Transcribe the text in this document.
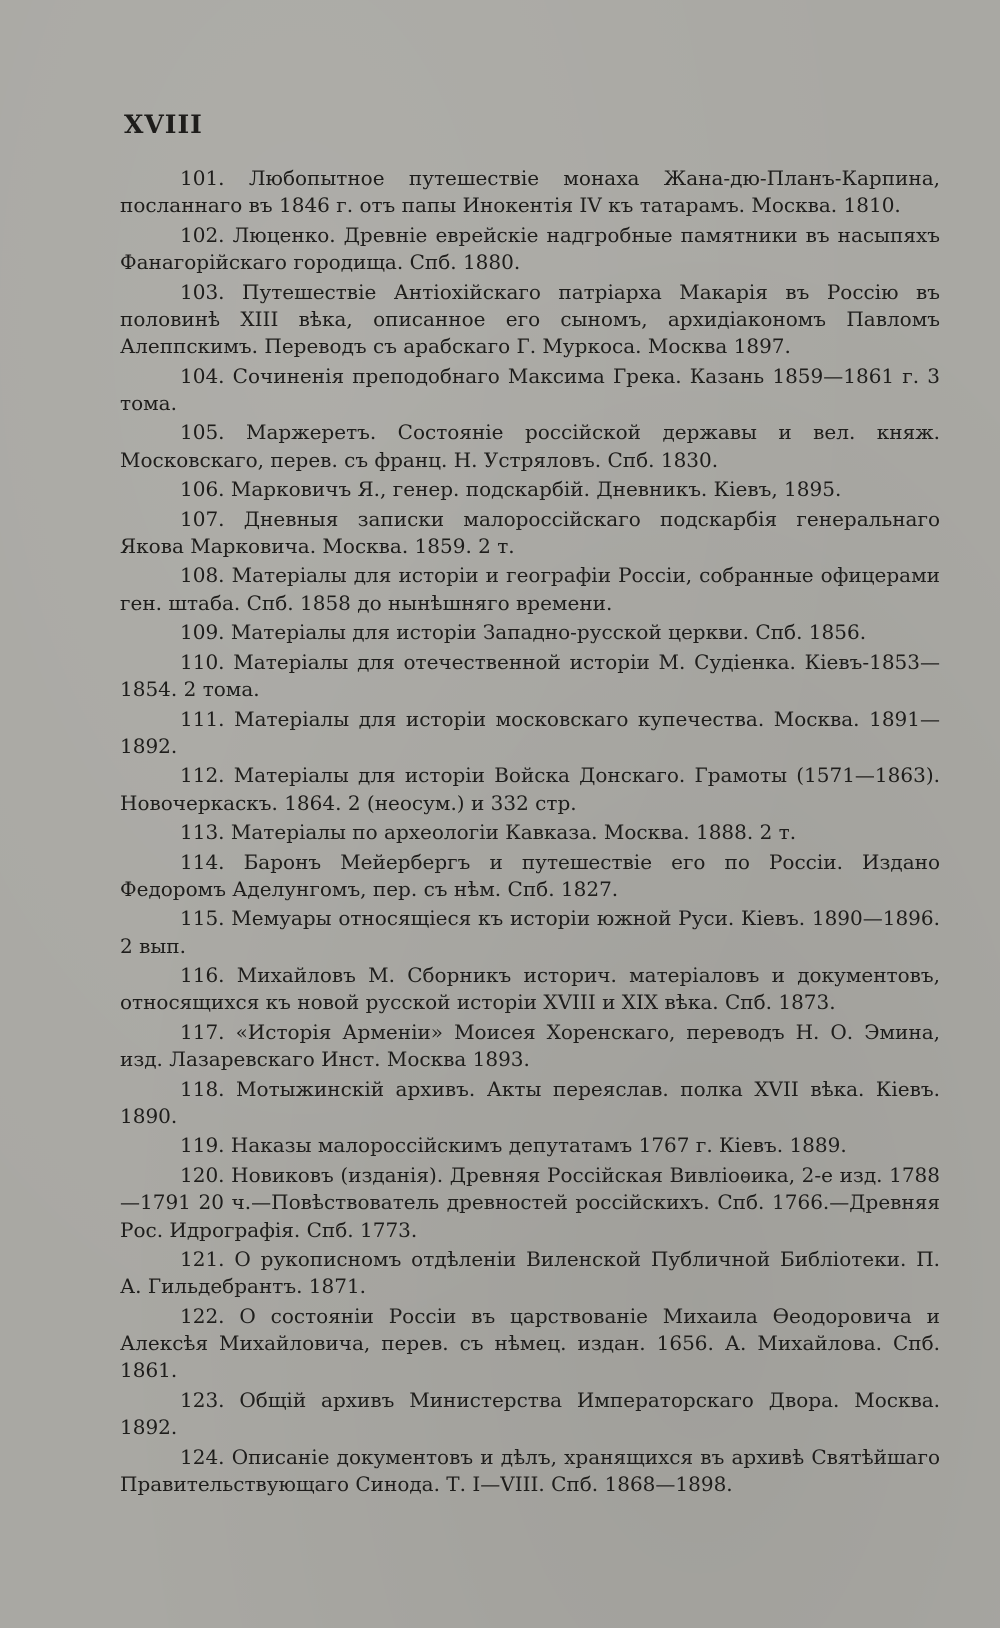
XVIII

101. Любопытное путешествіе монаха Жана-дю-Планъ-Карпина, посланнаго въ 1846 г. отъ папы Инокентія IV къ татарамъ. Москва. 1810.

102. Люценко. Древніе еврейскіе надгробные памятники въ насыпяхъ Фанагорійскаго городища. Спб. 1880.

103. Путешествіе Антіохійскаго патріарха Макарія въ Россію въ половинѣ XIII вѣка, описанное его сыномъ, архидіакономъ Павломъ Алеппскимъ. Переводъ съ арабскаго Г. Муркоса. Москва 1897.

104. Сочиненія преподобнаго Максима Грека. Казань 1859—1861 г. 3 тома.

105. Маржеретъ. Состояніе россійской державы и вел. княж. Московскаго, перев. съ франц. Н. Устряловъ. Спб. 1830.

106. Марковичъ Я., генер. подскарбій. Дневникъ. Кіевъ, 1895.

107. Дневныя записки малороссійскаго подскарбія генеральнаго Якова Марковича. Москва. 1859. 2 т.

108. Матеріалы для исторіи и географіи Россіи, собранные офицерами ген. штаба. Спб. 1858 до нынѣшняго времени.

109. Матеріалы для исторіи Западно-русской церкви. Спб. 1856.

110. Матеріалы для отечественной исторіи М. Судіенка. Кіевъ-1853—1854. 2 тома.

111. Матеріалы для исторіи московскаго купечества. Москва. 1891—1892.

112. Матеріалы для исторіи Войска Донскаго. Грамоты (1571—1863). Новочеркаскъ. 1864. 2 (неосум.) и 332 стр.

113. Матеріалы по археологіи Кавказа. Москва. 1888. 2 т.

114. Баронъ Мейербергъ и путешествіе его по Россіи. Издано Федоромъ Аделунгомъ, пер. съ нѣм. Спб. 1827.

115. Мемуары относящіеся къ исторіи южной Руси. Кіевъ. 1890—1896. 2 вып.

116. Михайловъ М. Сборникъ историч. матеріаловъ и документовъ, относящихся къ новой русской исторіи XVIII и XIX вѣка. Спб. 1873.

117. «Исторія Арменіи» Моисея Хоренскаго, переводъ Н. О. Эмина, изд. Лазаревскаго Инст. Москва 1893.

118. Мотыжинскій архивъ. Акты переяслав. полка XVII вѣка. Кіевъ. 1890.

119. Наказы малороссійскимъ депутатамъ 1767 г. Кіевъ. 1889.

120. Новиковъ (изданія). Древняя Россійская Вивліоѳика, 2-е изд. 1788—1791 20 ч.—Повѣствователь древностей россійскихъ. Спб. 1766.—Древняя Рос. Идрографія. Спб. 1773.

121. О рукописномъ отдѣленіи Виленской Публичной Библіотеки. П. А. Гильдебрантъ. 1871.

122. О состояніи Россіи въ царствованіе Михаила Ѳеодоровича и Алексѣя Михайловича, перев. съ нѣмец. издан. 1656. А. Михайлова. Спб. 1861.

123. Общій архивъ Министерства Императорскаго Двора. Москва. 1892.

124. Описаніе документовъ и дѣлъ, хранящихся въ архивѣ Святѣйшаго Правительствующаго Синода. Т. I—VIII. Спб. 1868—1898.
